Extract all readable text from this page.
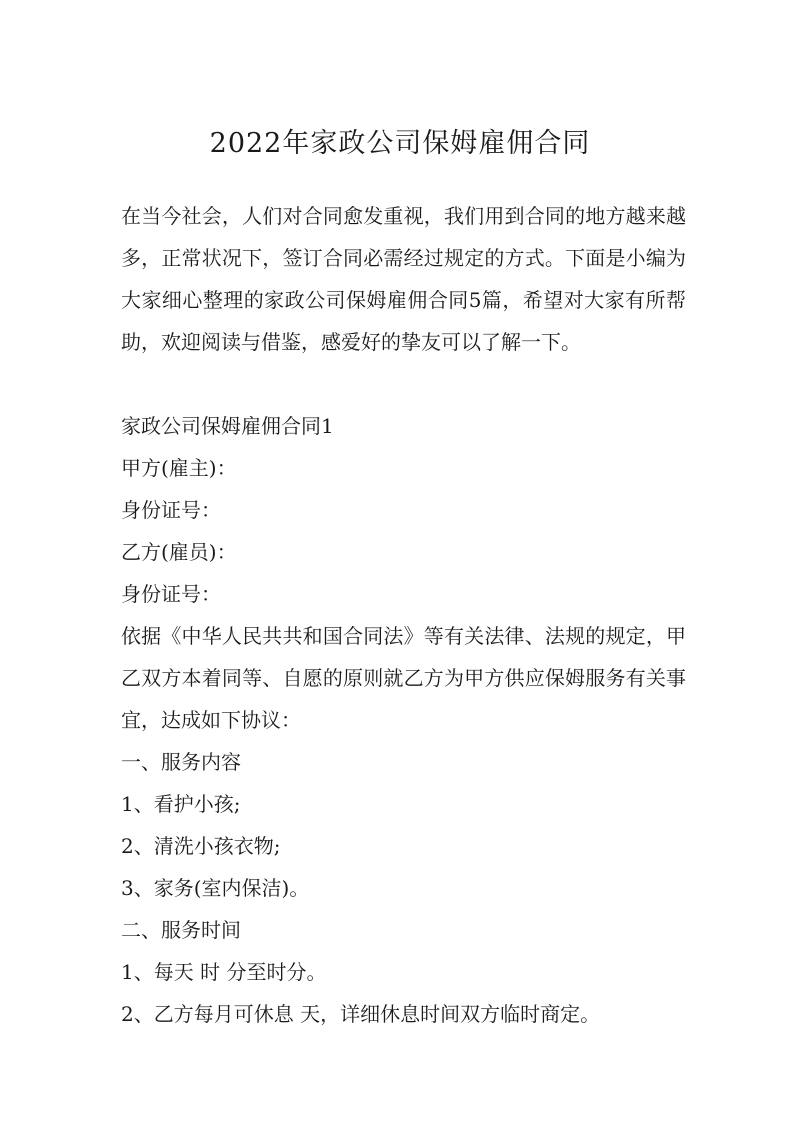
2022年家政公司保姆雇佣合同

在当今社会，人们对合同愈发重视，我们用到合同的地方越来越多，正常状况下，签订合同必需经过规定的方式。下面是小编为大家细心整理的家政公司保姆雇佣合同5篇，希望对大家有所帮助，欢迎阅读与借鉴，感爱好的挚友可以了解一下。

家政公司保姆雇佣合同1

甲方(雇主)：

身份证号：

乙方(雇员)：

身份证号：

依据《中华人民共共和国合同法》等有关法律、法规的规定，甲乙双方本着同等、自愿的原则就乙方为甲方供应保姆服务有关事宜，达成如下协议：

一、服务内容

1、看护小孩;

2、清洗小孩衣物;

3、家务(室内保洁)。

二、服务时间

1、每天 时 分至时分。

2、乙方每月可休息 天，详细休息时间双方临时商定。
